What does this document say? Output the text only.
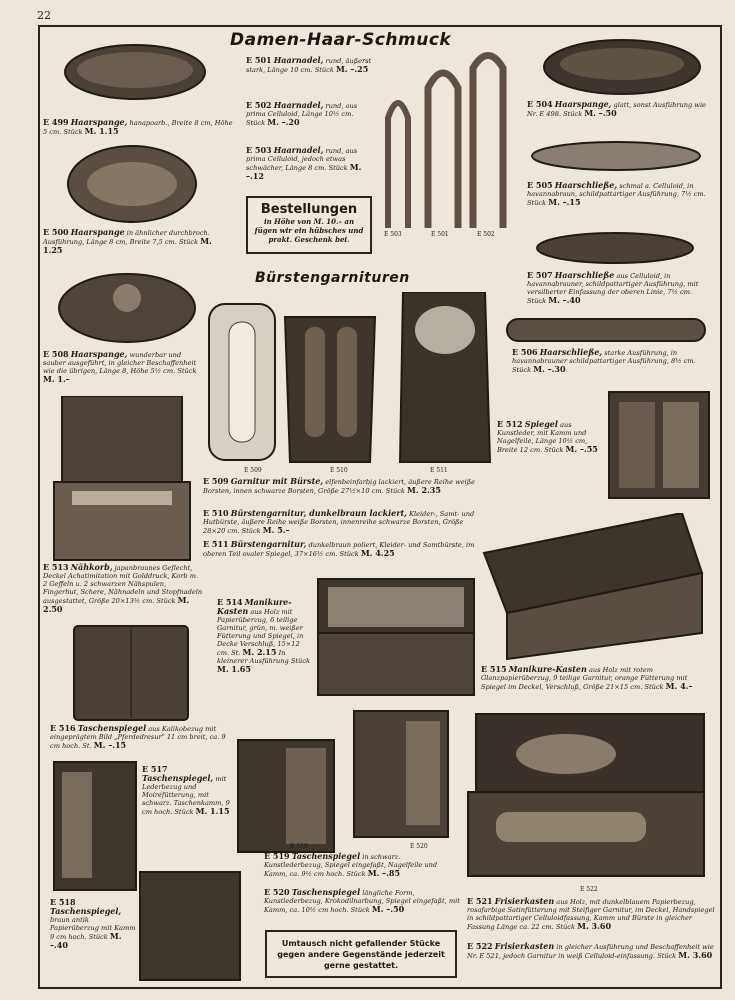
22
Damen-Haar-Schmuck
Bürstengarnituren
E 503	E 501	E 502
E 509	E 510	E 511
E 519	E 520
E 522
Bestellungen
in Höhe von M. 10.– an fügen wir ein hübsches und prakt. Geschenk bei.
Umtausch nicht gefallender Stücke gegen andere Gegenstände jederzeit gerne gestattet.
E 499 Haarspange, hanapoarb., Breite 8 cm, Höhe 5 cm. Stück M. 1.15
E 500 Haarspange in ähnlicher durchbroch. Ausführung, Länge 8 cm, Breite 7,5 cm. Stück M. 1.25
E 501 Haarnadel, rund, äußerst stark, Länge 10 cm. Stück M. –.25
E 502 Haarnadel, rund, aus prima Celluloid, Länge 10½ cm. Stück M. –.20
E 503 Haarnadel, rund, aus prima Celluloid, jedoch etwas schwächer, Länge 8 cm. Stück M. –.12
E 504 Haarspange, glatt, sonst Ausführung wie Nr. E 498. Stück M. –.50
E 505 Haarschließe, schmal a. Celluloid, in havannabraun, schildpattartiger Ausführung, 7½ cm. Stück M. –.15
E 507 Haarschließe aus Celluloid, in havannabrauner, schildpattartiger Ausführung, mit versilberter Einfassung der oberen Linie, 7½ cm. Stück M. –.40
E 506 Haarschließe, starke Ausführung, in havannabrauner schildpattartiger Ausführung, 8½ cm. Stück M. –.30
E 508 Haarspange, wunderbar und sauber ausgeführt, in gleicher Beschaffenheit wie die übrigen, Länge 8, Höhe 5½ cm. Stück M. 1.–
E 512 Spiegel aus Kunstleder, mit Kamm und Nagelfeile, Länge 10½ cm, Breite 12 cm. Stück M. –.55
E 509 Garnitur mit Bürste, elfenbeinfarbig lackiert, äußere Reihe weiße Borsten, innen schwarze Borsten, Größe 27½×10 cm. Stück M. 2.35
E 510 Bürstengarnitur, dunkelbraun lackiert, Kleider-, Samt- und Hutbürste, äußere Reihe weiße Borsten, innenreihe schwarze Borsten, Größe 28×20 cm. Stück M. 5.–
E 511 Bürstengarnitur, dunkelbraun poliert, Kleider- und Samtbürste, im oberen Teil ovaler Spiegel, 37×16½ cm. Stück M. 4.25
E 513 Nähkorb, japanbraunes Geflecht, Deckel Achatimitation mit Golddruck, Korb m. 2 Geffeln u. 2 schwarzen Nähspulen, Fingerhut, Schere, Nähnadeln und Stopfnadeln ausgestattet, Größe 20×13½ cm. Stück M. 2.50
E 514 Manikure-Kasten aus Holz mit Papierüberzug, 6 teilige Garnitur, grün, m. weißer Fütterung und Spiegel, in Decke Verschluß, 15×12 cm. St. M. 2.15 In kleinerer Ausführung Stück M. 1.65	E 515 Manikure-Kasten aus Holz mit rotem Glanzpapierüberzug, 9 teilige Garnitur, orange Fütterung mit Spiegel im Deckel, Verschluß, Größe 21×15 cm. Stück M. 4.–
E 516 Taschenspiegel aus Kalikobezug mit eingeprägtem Bild „Pferdedresur" 11 cm breit, ca. 9 cm hoch. St. M. –.15
E 517 Taschenspiegel, mit Lederbezug und Moiréfütterung, mit schwarz. Taschenkamm, 9 cm hoch. Stück M. 1.15
E 518 Taschenspiegel, braun antik Papierüberzug mit Kamm 9 cm hoch. Stück M. –.40
E 519 Taschenspiegel in schwarz. Kunstlederbezug, Spiegel eingefaßt, Nagelfeile und Kamm, ca. 9½ cm hoch. Stück M. –.85
E 520 Taschenspiegel längliche Form, Kunstlederbezug, Krokodilnarbung, Spiegel eingefaßt, mit Kamm, ca. 10½ cm hoch. Stück M. –.50
E 521 Frisierkasten aus Holz, mit dunkelblauem Papierbezug, rosafarbige Satinfütterung mit Steifiger Garnitur, im Deckel, Handspiegel in schildpattartiger Celluloidfassung, Kamm und Bürste in gleicher Fassung Länge ca. 22 cm. Stück M. 3.60
E 522 Frisierkasten in gleicher Ausführung und Beschaffenheit wie Nr. E 521, jedoch Garnitur in weiß Celluloid-einfassung. Stück M. 3.60
